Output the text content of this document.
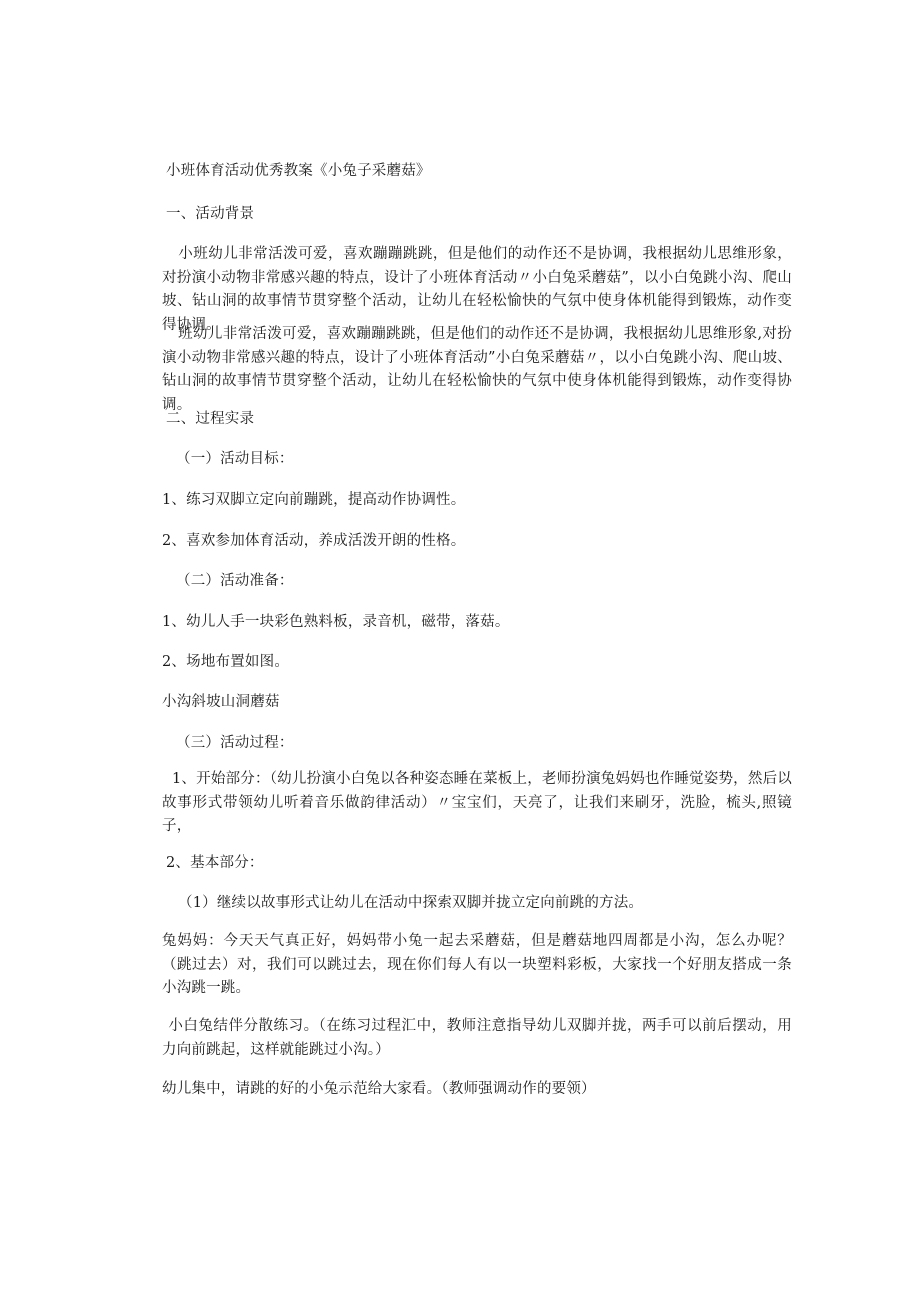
小班体育活动优秀教案《小兔子采蘑菇》
一、活动背景
小班幼儿非常活泼可爱，喜欢蹦蹦跳跳，但是他们的动作还不是协调，我根据幼儿思维形象，对扮演小动物非常感兴趣的特点，设计了小班体育活动〃小白兔采蘑菇”，以小白兔跳小沟、爬山坡、钻山洞的故事情节贯穿整个活动，让幼儿在轻松愉快的气氛中使身体机能得到锻炼，动作变得协调。
班幼儿非常活泼可爱，喜欢蹦蹦跳跳，但是他们的动作还不是协调，我根据幼儿思维形象,对扮演小动物非常感兴趣的特点，设计了小班体育活动”小白兔采蘑菇〃，以小白兔跳小沟、爬山坡、钻山洞的故事情节贯穿整个活动，让幼儿在轻松愉快的气氛中使身体机能得到锻炼，动作变得协调。
二、过程实录
（一）活动目标：
1、练习双脚立定向前蹦跳，提高动作协调性。
2、喜欢参加体育活动，养成活泼开朗的性格。
（二）活动准备：
1、幼儿人手一块彩色熟料板，录音机，磁带，落菇。
2、场地布置如图。
小沟斜坡山洞蘑菇
（三）活动过程：
1、开始部分：（幼儿扮演小白兔以各种姿态睡在菜板上，老师扮演兔妈妈也作睡觉姿势，然后以故事形式带领幼儿听着音乐做韵律活动）〃宝宝们，天亮了，让我们来刷牙，洗脸，梳头,照镜子，
2、基本部分：
（1）继续以故事形式让幼儿在活动中探索双脚并拢立定向前跳的方法。
兔妈妈：今天天气真正好，妈妈带小兔一起去采蘑菇，但是蘑菇地四周都是小沟，怎么办呢？（跳过去）对，我们可以跳过去，现在你们每人有以一块塑料彩板，大家找一个好朋友搭成一条小沟跳一跳。
小白兔结伴分散练习。（在练习过程汇中，教师注意指导幼儿双脚并拢，两手可以前后摆动，用力向前跳起，这样就能跳过小沟。）
幼儿集中，请跳的好的小兔示范给大家看。（教师强调动作的要领）
